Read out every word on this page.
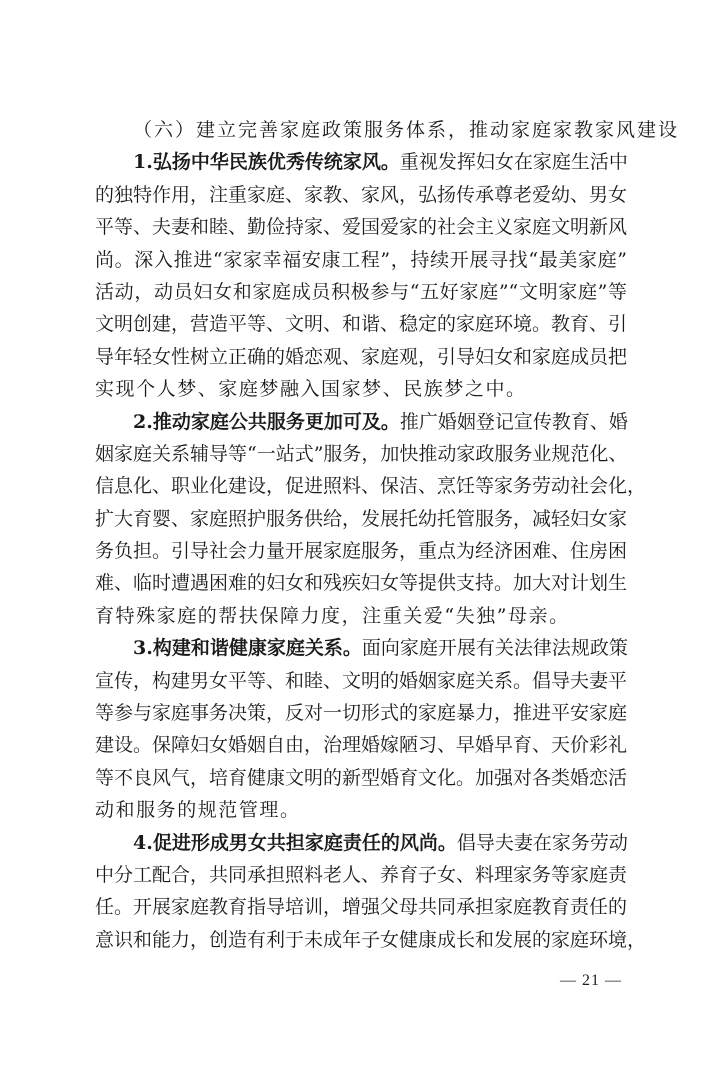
（六）建立完善家庭政策服务体系，推动家庭家教家风建设
1.弘扬中华民族优秀传统家风。重视发挥妇女在家庭生活中
的独特作用，注重家庭、家教、家风，弘扬传承尊老爱幼、男女
平等、夫妻和睦、勤俭持家、爱国爱家的社会主义家庭文明新风
尚。深入推进“家家幸福安康工程”，持续开展寻找“最美家庭”
活动，动员妇女和家庭成员积极参与“五好家庭”“文明家庭”等
文明创建，营造平等、文明、和谐、稳定的家庭环境。教育、引
导年轻女性树立正确的婚恋观、家庭观，引导妇女和家庭成员把
实现个人梦、家庭梦融入国家梦、民族梦之中。
2.推动家庭公共服务更加可及。推广婚姻登记宣传教育、婚
姻家庭关系辅导等“一站式”服务，加快推动家政服务业规范化、
信息化、职业化建设，促进照料、保洁、烹饪等家务劳动社会化，
扩大育婴、家庭照护服务供给，发展托幼托管服务，减轻妇女家
务负担。引导社会力量开展家庭服务，重点为经济困难、住房困
难、临时遭遇困难的妇女和残疾妇女等提供支持。加大对计划生
育特殊家庭的帮扶保障力度，注重关爱“失独”母亲。
3.构建和谐健康家庭关系。面向家庭开展有关法律法规政策
宣传，构建男女平等、和睦、文明的婚姻家庭关系。倡导夫妻平
等参与家庭事务决策，反对一切形式的家庭暴力，推进平安家庭
建设。保障妇女婚姻自由，治理婚嫁陋习、早婚早育、天价彩礼
等不良风气，培育健康文明的新型婚育文化。加强对各类婚恋活
动和服务的规范管理。
4.促进形成男女共担家庭责任的风尚。倡导夫妻在家务劳动
中分工配合，共同承担照料老人、养育子女、料理家务等家庭责
任。开展家庭教育指导培训，增强父母共同承担家庭教育责任的
意识和能力，创造有利于未成年子女健康成长和发展的家庭环境，
— 21 —
